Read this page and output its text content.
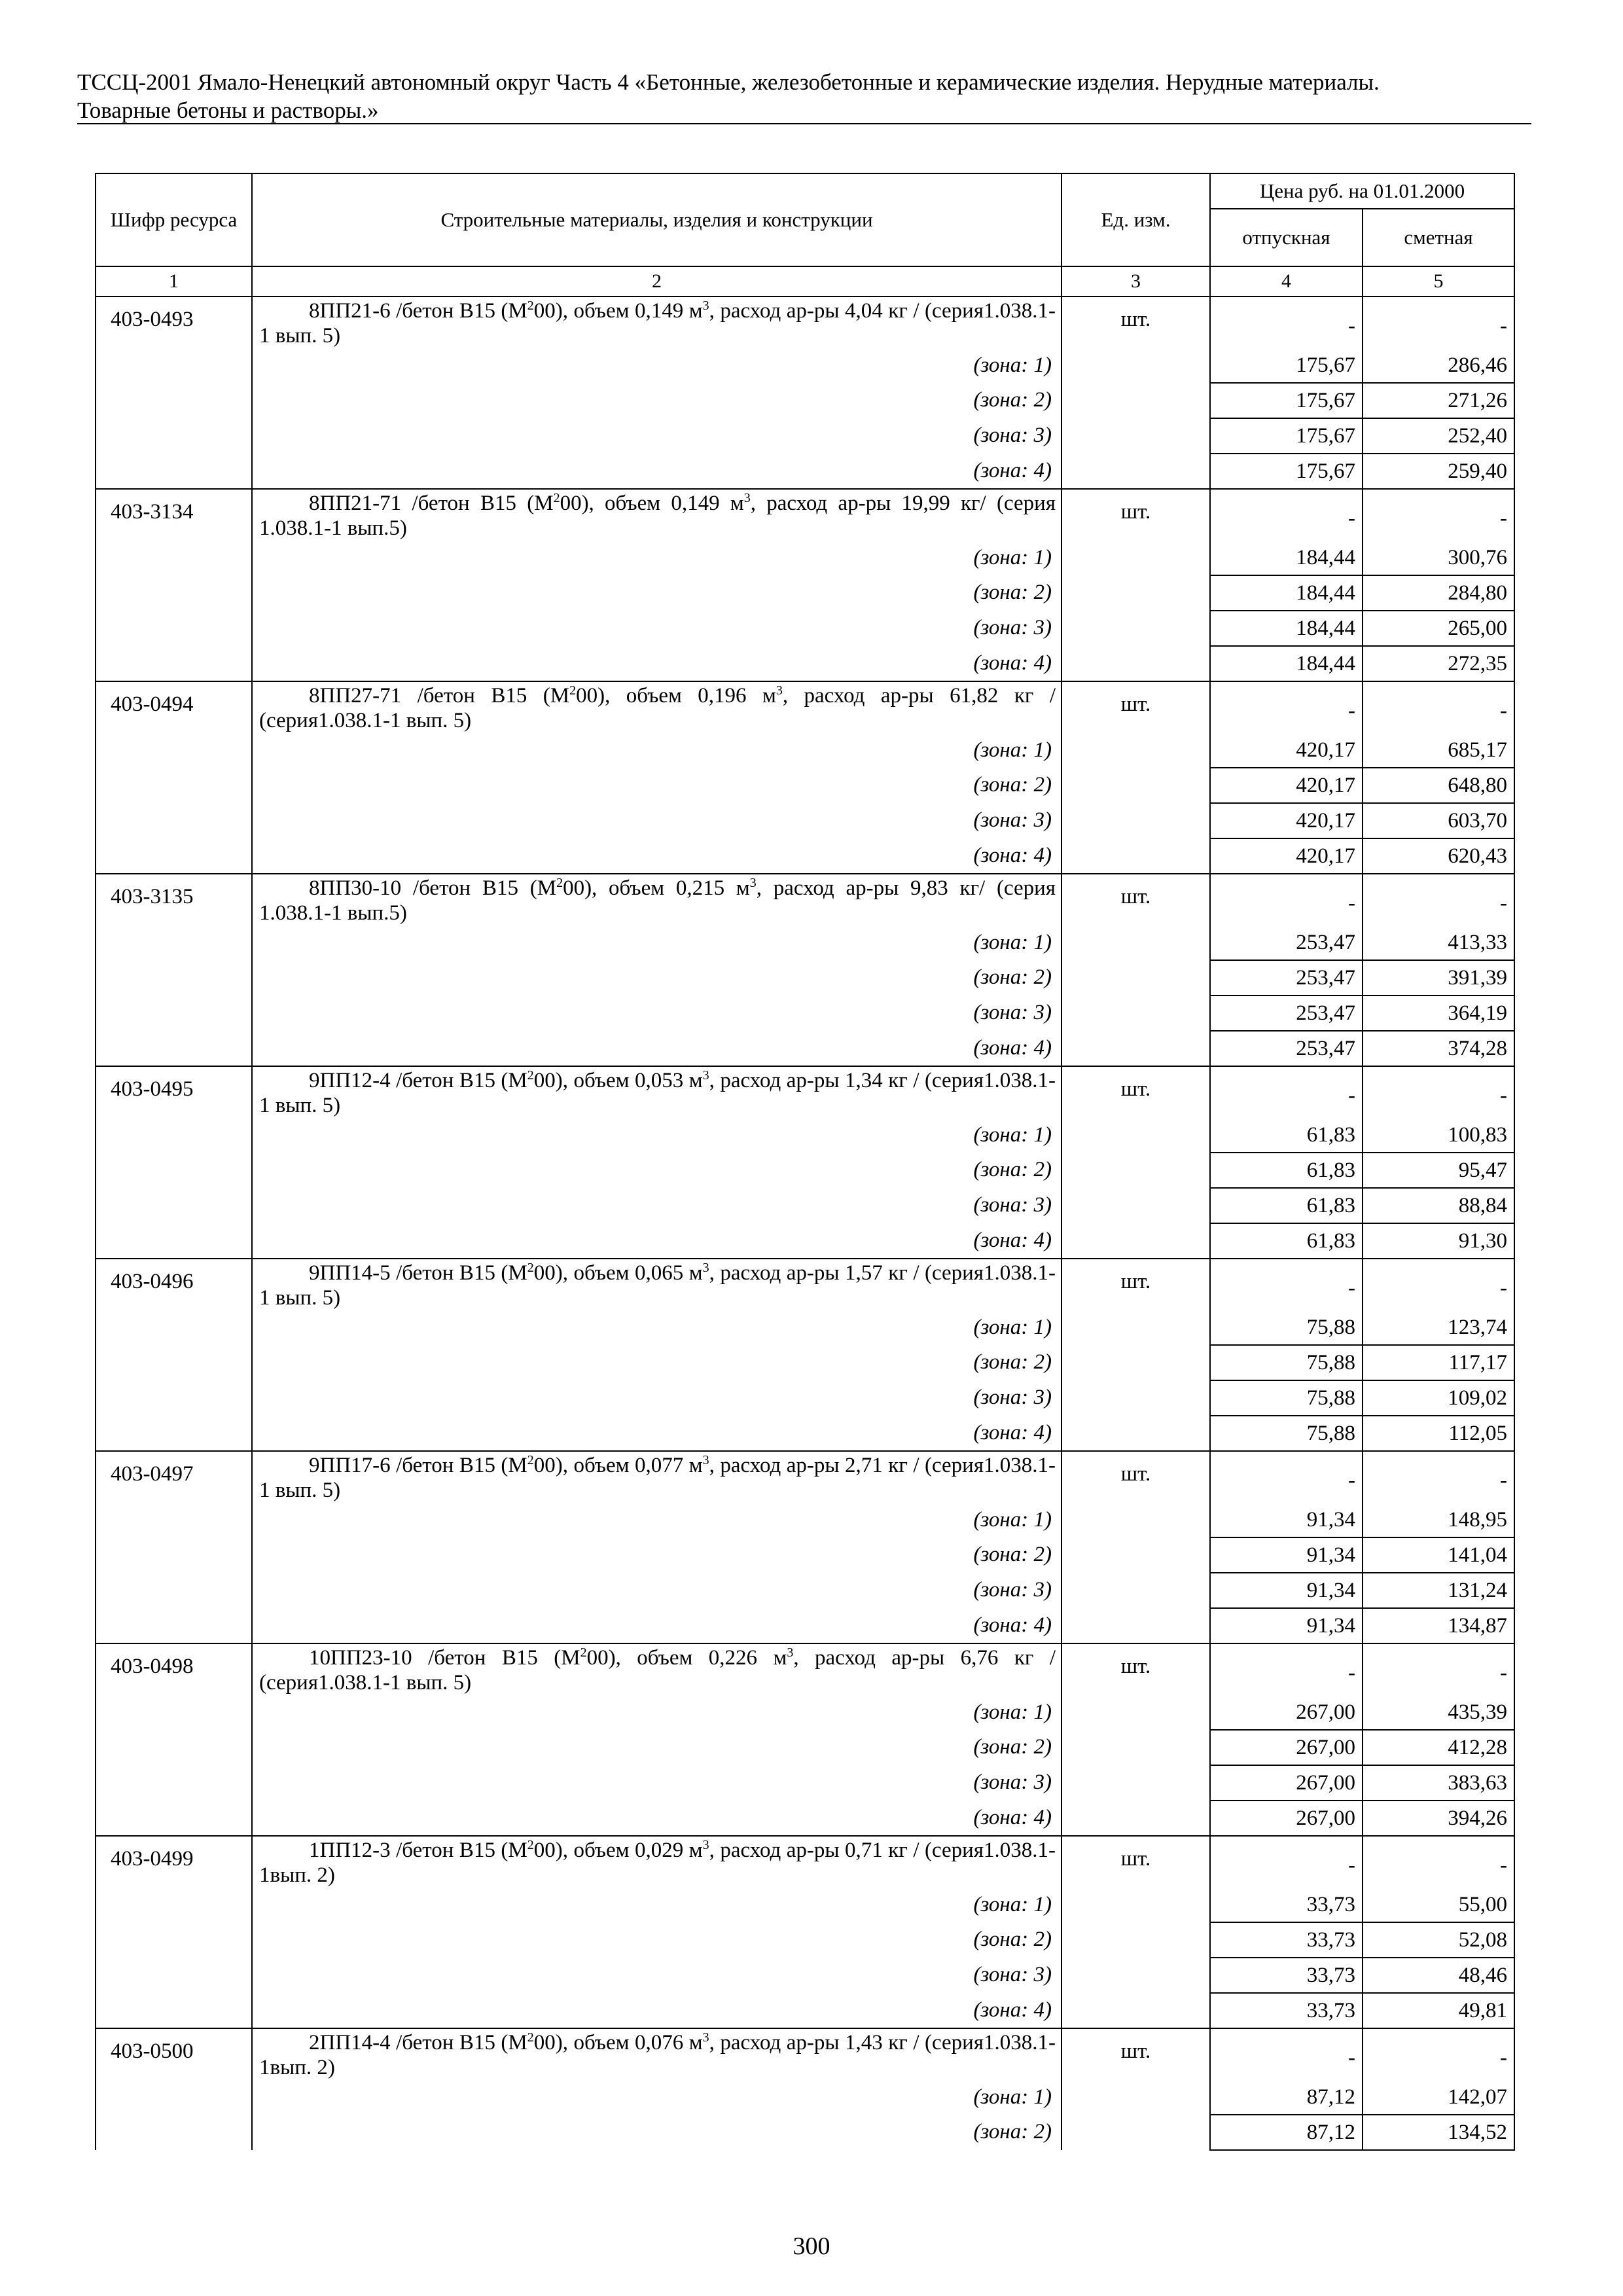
ТССЦ-2001 Ямало-Ненецкий автономный округ Часть 4 «Бетонные, железобетонные и керамические изделия. Нерудные материалы.
Товарные бетоны и растворы.»
Шифр ресурса	Строительные материалы, изделия и конструкции	Ед. изм.	Цена руб. на 01.01.2000	
			отпускная	сметная
1	2	3	4	5
403-0493	8ПП21-6 /бетон В15 $(М^200)$, объем 0,149 $м^3$, расход ар-ры 4,04 кг / (серия1.038.1-1 вып. 5)	шт.	-	-
	(зона: 1)		175,67	286,46
	(зона: 2)		175,67	271,26
	(зона: 3)		175,67	252,40
	(зона: 4)		175,67	259,40
403-3134	8ПП21-71 /бетон В15 $(М^200)$, объем 0,149 $м^3$, расход ар-ры 19,99 кг/ (серия 1.038.1-1 вып.5)	шт.	-	-
	(зона: 1)		184,44	300,76
	(зона: 2)		184,44	284,80
	(зона: 3)		184,44	265,00
	(зона: 4)		184,44	272,35
403-0494	8ПП27-71 /бетон В15 $(М^200)$, объем 0,196 $м^3$, расход ар-ры 61,82 кг / (серия1.038.1-1 вып. 5)	шт.	-	-
	(зона: 1)		420,17	685,17
	(зона: 2)		420,17	648,80
	(зона: 3)		420,17	603,70
	(зона: 4)		420,17	620,43
403-3135	8ПП30-10 /бетон В15 $(М^200)$, объем 0,215 $м^3$, расход ар-ры 9,83 кг/ (серия 1.038.1-1 вып.5)	шт.	-	-
	(зона: 1)		253,47	413,33
	(зона: 2)		253,47	391,39
	(зона: 3)		253,47	364,19
	(зона: 4)		253,47	374,28
403-0495	9ПП12-4 /бетон В15 $(М^200)$, объем 0,053 $м^3$, расход ар-ры 1,34 кг / (серия1.038.1-1 вып. 5)	шт.	-	-
	(зона: 1)		61,83	100,83
	(зона: 2)		61,83	95,47
	(зона: 3)		61,83	88,84
	(зона: 4)		61,83	91,30
403-0496	9ПП14-5 /бетон В15 $(М^200)$, объем 0,065 $м^3$, расход ар-ры 1,57 кг / (серия1.038.1-1 вып. 5)	шт.	-	-
	(зона: 1)		75,88	123,74
	(зона: 2)		75,88	117,17
	(зона: 3)		75,88	109,02
	(зона: 4)		75,88	112,05
403-0497	9ПП17-6 /бетон В15 $(М^200)$, объем 0,077 $м^3$, расход ар-ры 2,71 кг / (серия1.038.1-1 вып. 5)	шт.	-	-
	(зона: 1)		91,34	148,95
	(зона: 2)		91,34	141,04
	(зона: 3)		91,34	131,24
	(зона: 4)		91,34	134,87
403-0498	10ПП23-10 /бетон В15 $(М^200)$, объем 0,226 $м^3$, расход ар-ры 6,76 кг / (серия1.038.1-1 вып. 5)	шт.	-	-
	(зона: 1)		267,00	435,39
	(зона: 2)		267,00	412,28
	(зона: 3)		267,00	383,63
	(зона: 4)		267,00	394,26
403-0499	1ПП12-3 /бетон В15 $(М^200)$, объем 0,029 $м^3$, расход ар-ры 0,71 кг / (серия1.038.1-1вып. 2)	шт.	-	-
	(зона: 1)		33,73	55,00
	(зона: 2)		33,73	52,08
	(зона: 3)		33,73	48,46
	(зона: 4)		33,73	49,81
403-0500	2ПП14-4 /бетон В15 $(М^200)$, объем 0,076 $м^3$, расход ар-ры 1,43 кг / (серия1.038.1-1вып. 2)	шт.	-	-
	(зона: 1)		87,12	142,07
	(зона: 2)		87,12	134,52
300
